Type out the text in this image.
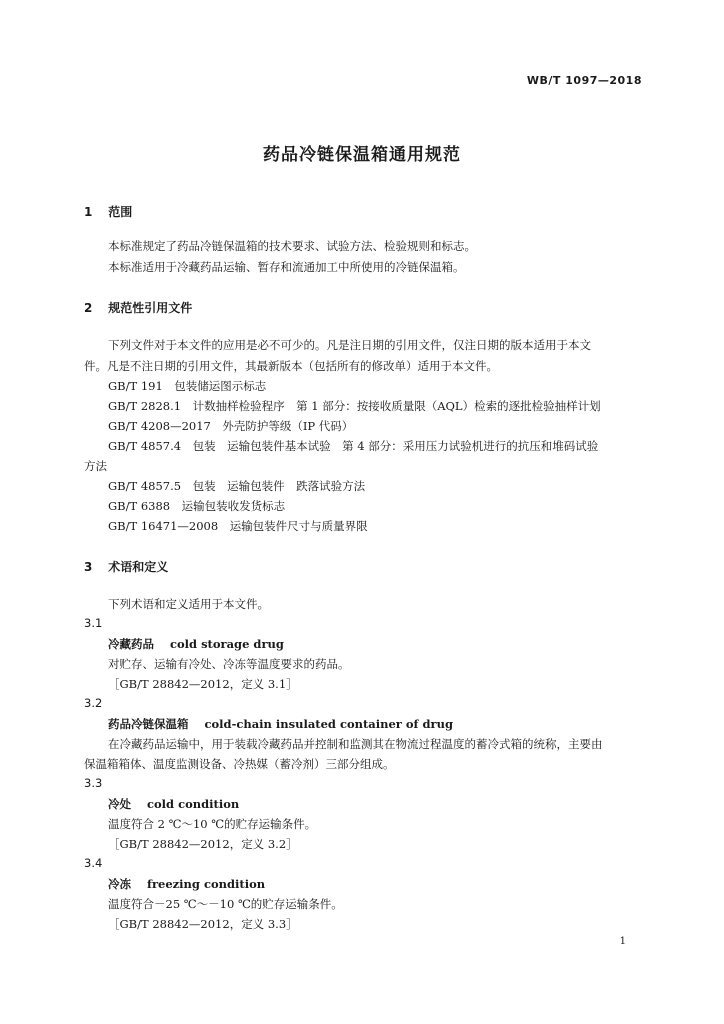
WB/T 1097—2018
药品冷链保温箱通用规范
1 范围
本标准规定了药品冷链保温箱的技术要求、试验方法、检验规则和标志。
本标准适用于冷藏药品运输、暂存和流通加工中所使用的冷链保温箱。
2 规范性引用文件
下列文件对于本文件的应用是必不可少的。凡是注日期的引用文件，仅注日期的版本适用于本文
件。凡是不注日期的引用文件，其最新版本（包括所有的修改单）适用于本文件。
GB/T 191　包装储运图示标志
GB/T 2828.1　计数抽样检验程序　第 1 部分：按接收质量限（AQL）检索的逐批检验抽样计划
GB/T 4208—2017　外壳防护等级（IP 代码）
GB/T 4857.4　包装　运输包装件基本试验　第 4 部分：采用压力试验机进行的抗压和堆码试验
方法
GB/T 4857.5　包装　运输包装件　跌落试验方法
GB/T 6388　运输包装收发货标志
GB/T 16471—2008　运输包装件尺寸与质量界限
3 术语和定义
下列术语和定义适用于本文件。
3.1
冷藏药品 cold storage drug
对贮存、运输有冷处、冷冻等温度要求的药品。
［GB/T 28842—2012，定义 3.1］
3.2
药品冷链保温箱 cold-chain insulated container of drug
在冷藏药品运输中，用于装载冷藏药品并控制和监测其在物流过程温度的蓄冷式箱的统称，主要由
保温箱箱体、温度监测设备、冷热媒（蓄冷剂）三部分组成。
3.3
冷处 cold condition
温度符合 2 ℃～10 ℃的贮存运输条件。
［GB/T 28842—2012，定义 3.2］
3.4
冷冻 freezing condition
温度符合－25 ℃～－10 ℃的贮存运输条件。
［GB/T 28842—2012，定义 3.3］
1
